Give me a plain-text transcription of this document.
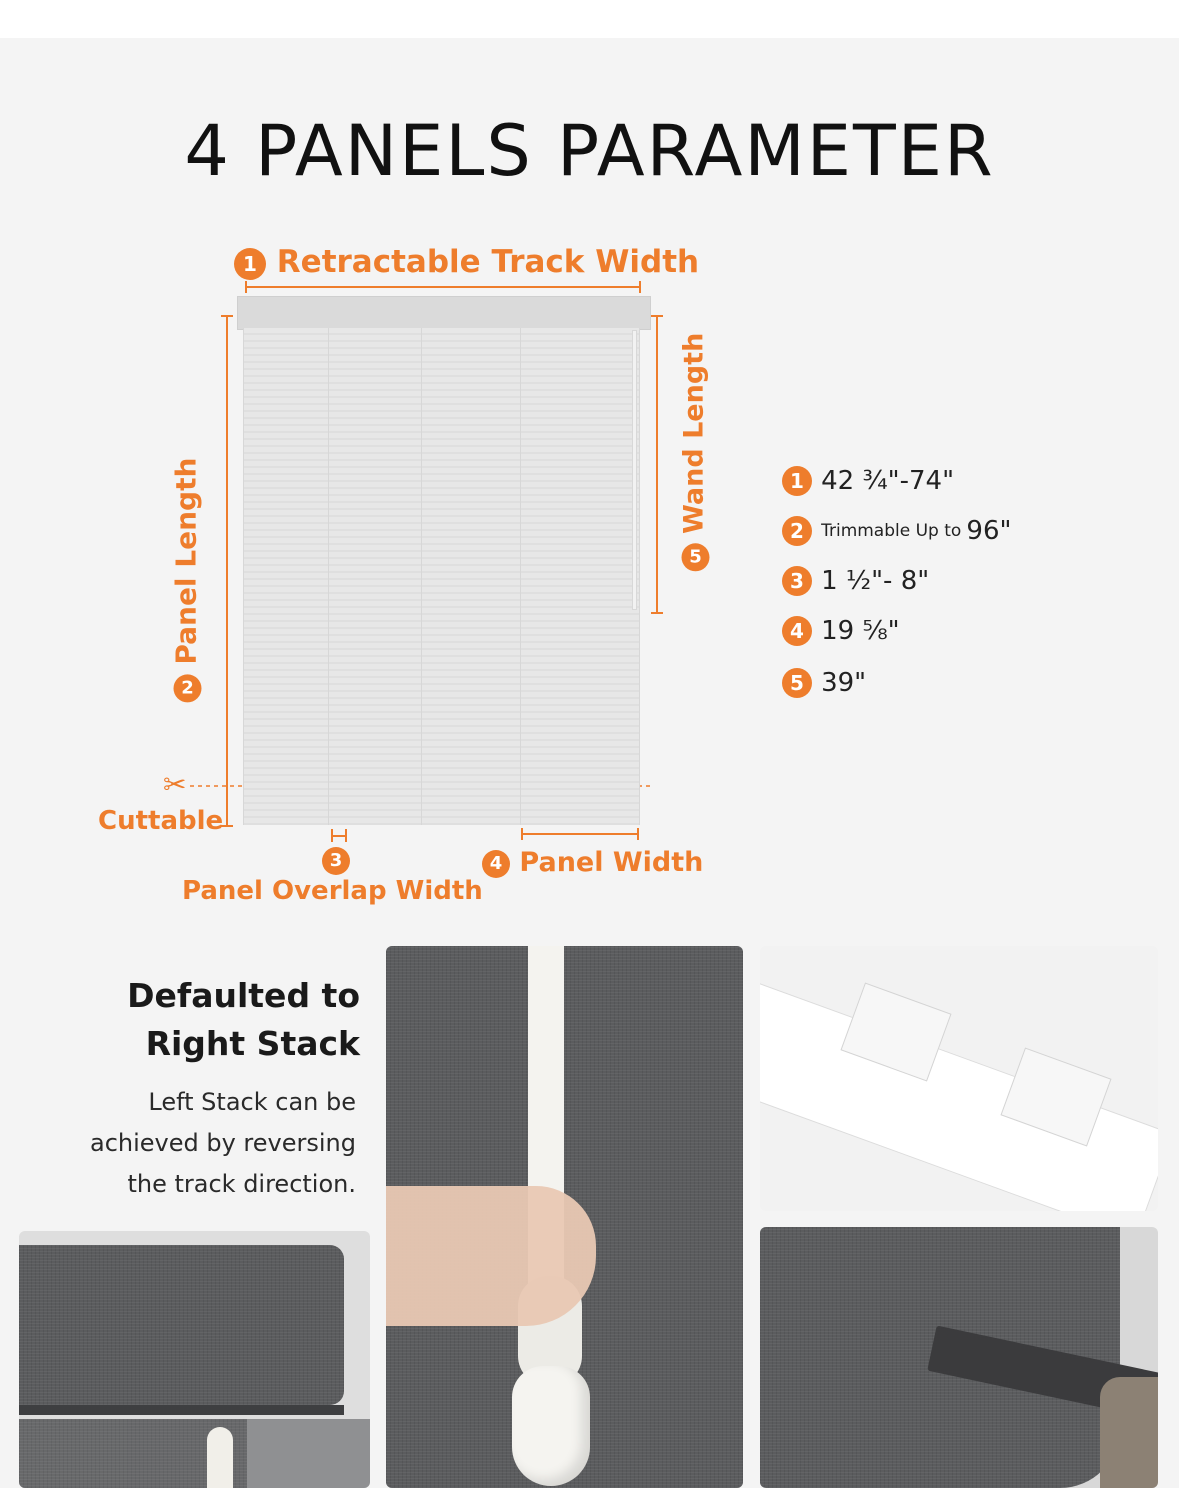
4 PANELS PARAMETER
1 Retractable Track Width
2 Panel Length	5 Wand Length
✂
Cuttable
3
Panel Overlap Width
4 Panel Width
1 42 ¾"-74"
2 Trimmable Up to 96"
3 1 ½"- 8"
4 19 ⅝"
5 39"
Defaulted to
Right Stack
Left Stack can be
achieved by reversing
the track direction.
